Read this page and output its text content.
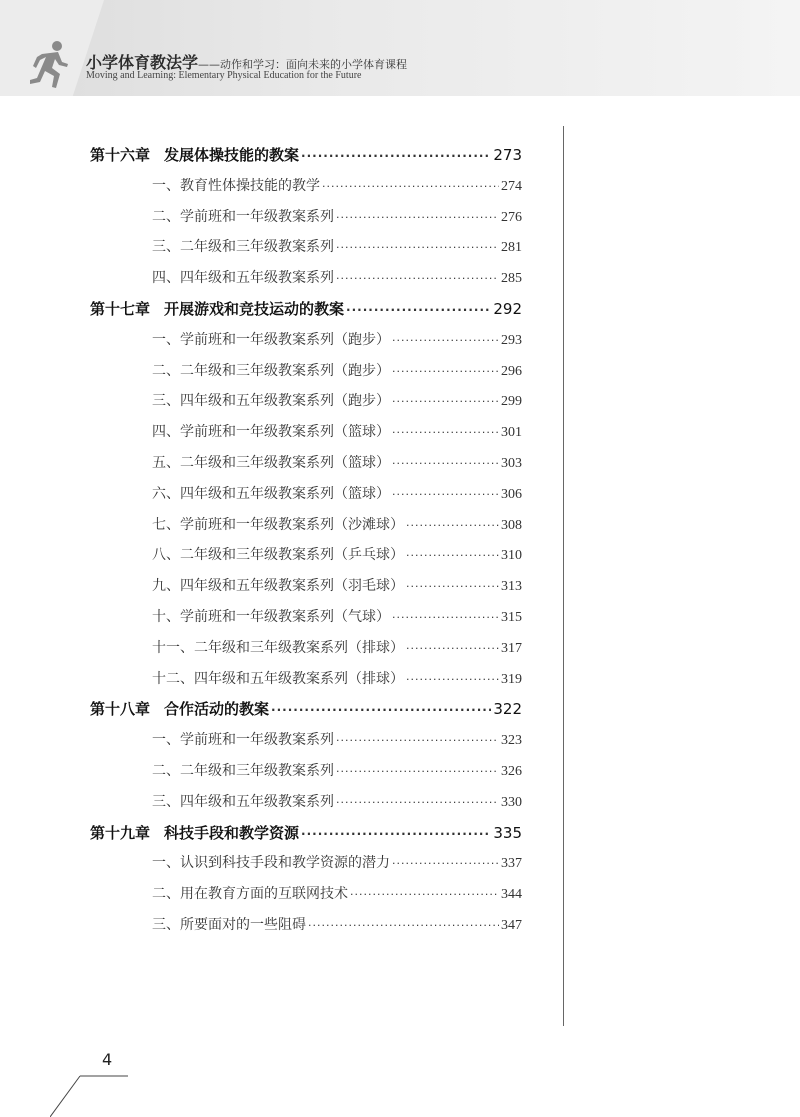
小学体育教法学——动作和学习：面向未来的小学体育课程

Moving and Learning: Elementary Physical Education for the Future

第十六章 发展体操技能的教案 ·····	273
一、教育性体操技能的教学 ·····	274
二、学前班和一年级教案系列 ·····	276
三、二年级和三年级教案系列 ·····	281
四、四年级和五年级教案系列 ·····	285
第十七章 开展游戏和竞技运动的教案 ·····	292
一、学前班和一年级教案系列（跑步） ·····	293
二、二年级和三年级教案系列（跑步） ·····	296
三、四年级和五年级教案系列（跑步） ·····	299
四、学前班和一年级教案系列（篮球） ·····	301
五、二年级和三年级教案系列（篮球） ·····	303
六、四年级和五年级教案系列（篮球） ·····	306
七、学前班和一年级教案系列（沙滩球） ·····	308
八、二年级和三年级教案系列（乒乓球） ·····	310
九、四年级和五年级教案系列（羽毛球） ·····	313
十、学前班和一年级教案系列（气球） ·····	315
十一、二年级和三年级教案系列（排球） ·····	317
十二、四年级和五年级教案系列（排球） ·····	319
第十八章 合作活动的教案 ·····	322
一、学前班和一年级教案系列 ·····	323
二、二年级和三年级教案系列 ·····	326
三、四年级和五年级教案系列 ·····	330
第十九章 科技手段和教学资源 ·····	335
一、认识到科技手段和教学资源的潜力 ·····	337
二、用在教育方面的互联网技术 ·····	344
三、所要面对的一些阻碍 ·····	347

4
